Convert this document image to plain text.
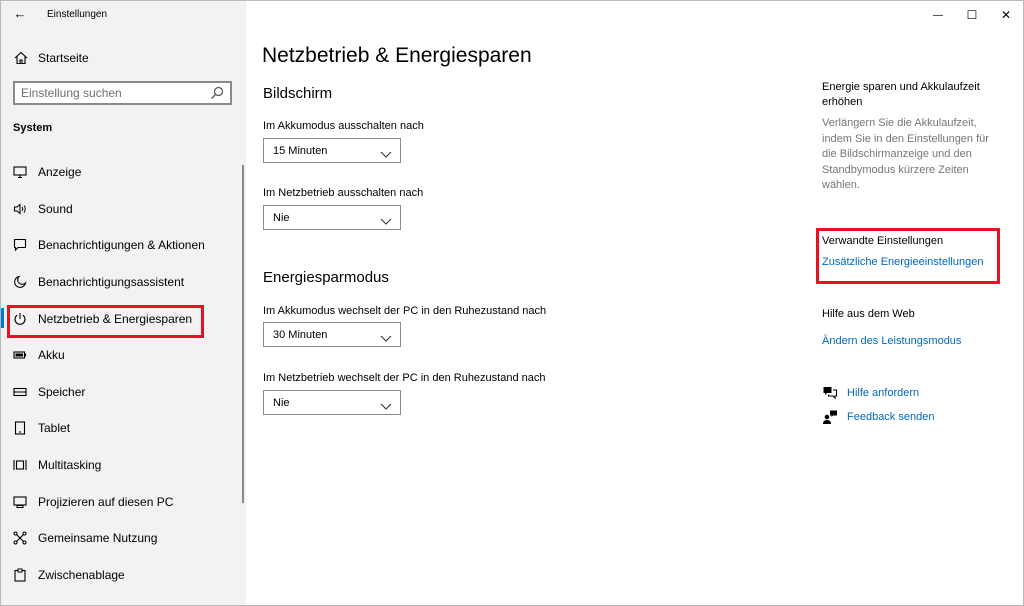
←	Einstellungen
Startseite
Einstellung suchen
System
Anzeige
Sound
Benachrichtigungen & Aktionen
Benachrichtigungsassistent
Netzbetrieb & Energiesparen
Akku
Speicher
Tablet
Multitasking
Projizieren auf diesen PC
Gemeinsame Nutzung
Zwischenablage
Netzbetrieb & Energiesparen
Bildschirm
Im Akkumodus ausschalten nach
15 Minuten
Im Netzbetrieb ausschalten nach
Nie
Energiesparmodus
Im Akkumodus wechselt der PC in den Ruhezustand nach
30 Minuten
Im Netzbetrieb wechselt der PC in den Ruhezustand nach
Nie
Energie sparen und Akkulaufzeit
erhöhen
Verlängern Sie die Akkulaufzeit,
indem Sie in den Einstellungen für
die Bildschirmanzeige und den
Standbymodus kürzere Zeiten
wählen.
Verwandte Einstellungen
Zusätzliche Energieeinstellungen
Hilfe aus dem Web
Ändern des Leistungsmodus
Hilfe anfordern
Feedback senden
— ☐ ✕
